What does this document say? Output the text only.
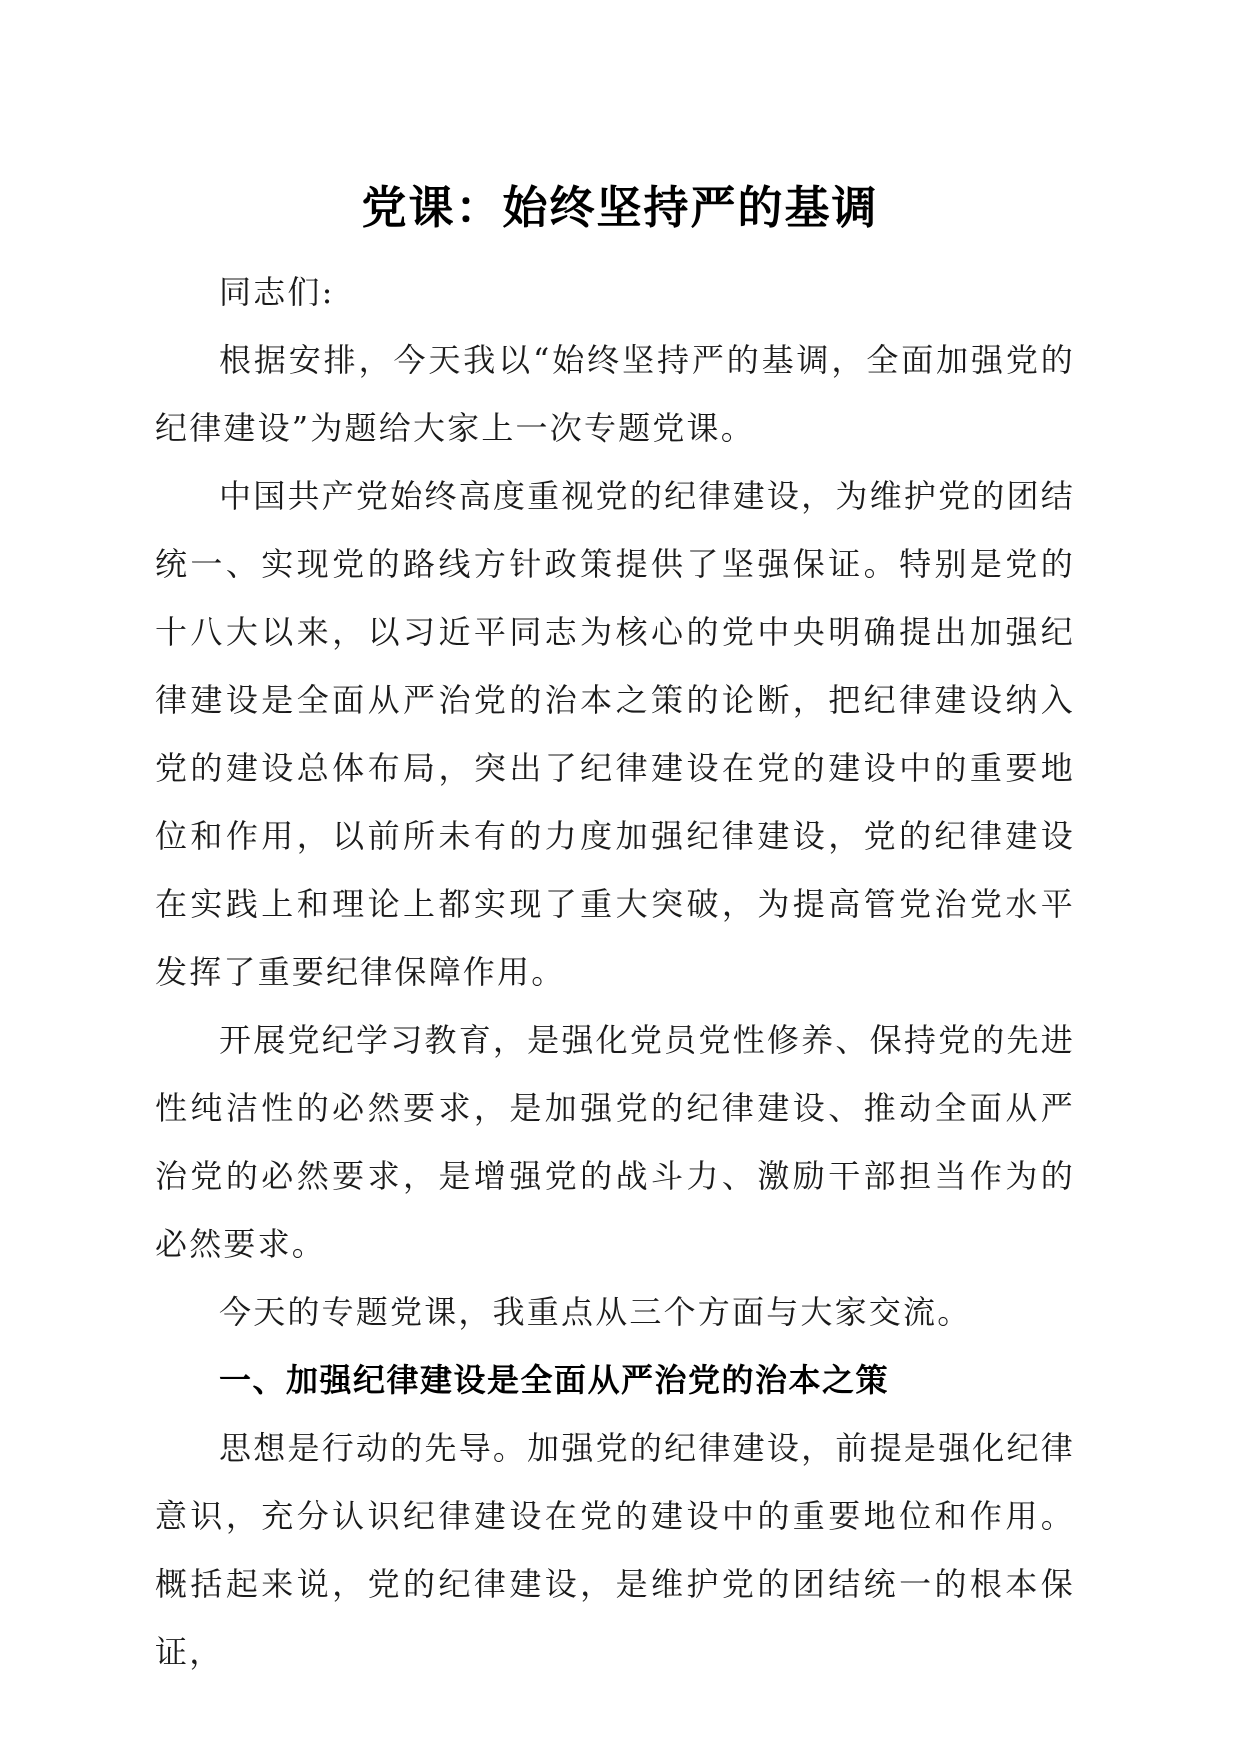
党课：始终坚持严的基调

同志们:

根据安排，今天我以“始终坚持严的基调，全面加强党的纪律建设”为题给大家上一次专题党课。

中国共产党始终高度重视党的纪律建设，为维护党的团结统一、实现党的路线方针政策提供了坚强保证。特别是党的十八大以来，以习近平同志为核心的党中央明确提出加强纪律建设是全面从严治党的治本之策的论断，把纪律建设纳入党的建设总体布局，突出了纪律建设在党的建设中的重要地位和作用，以前所未有的力度加强纪律建设，党的纪律建设在实践上和理论上都实现了重大突破，为提高管党治党水平发挥了重要纪律保障作用。

开展党纪学习教育，是强化党员党性修养、保持党的先进性纯洁性的必然要求，是加强党的纪律建设、推动全面从严治党的必然要求，是增强党的战斗力、激励干部担当作为的必然要求。

今天的专题党课，我重点从三个方面与大家交流。

一、加强纪律建设是全面从严治党的治本之策

思想是行动的先导。加强党的纪律建设，前提是强化纪律意识，充分认识纪律建设在党的建设中的重要地位和作用。概括起来说，党的纪律建设，是维护党的团结统一的根本保证，
